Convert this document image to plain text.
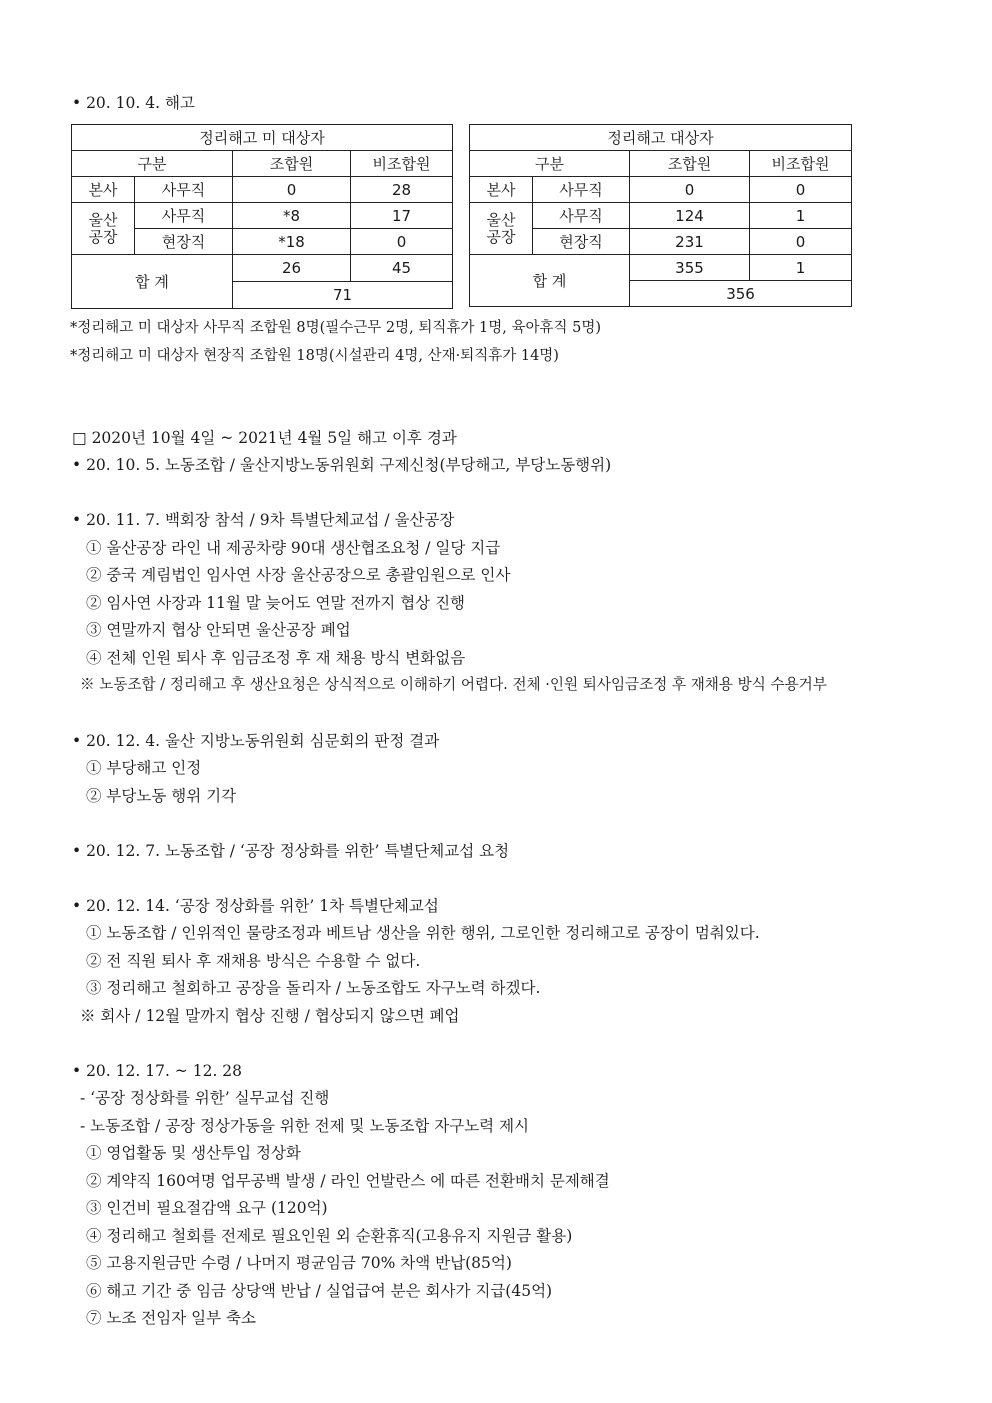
• 20. 10. 4. 해고
정리해고 미 대상자			
구분		조합원	비조합원
본사	사무직	0	28
울산
공장	사무직	*8	17
	현장직	*18	0
합 계		26	45
		71	
정리해고 대상자			
구분		조합원	비조합원
본사	사무직	0	0
울산
공장	사무직	124	1
	현장직	231	0
합 계		355	1
		356	
*정리해고 미 대상자 사무직 조합원 8명(필수근무 2명, 퇴직휴가 1명, 육아휴직 5명)
*정리해고 미 대상자 현장직 조합원 18명(시설관리 4명, 산재·퇴직휴가 14명)
□ 2020년 10월 4일 ~ 2021년 4월 5일 해고 이후 경과
• 20. 10. 5. 노동조합 / 울산지방노동위원회 구제신청(부당해고, 부당노동행위)
• 20. 11. 7. 백회장 참석 / 9차 특별단체교섭 / 울산공장
① 울산공장 라인 내 제공차량 90대 생산협조요청 / 일당 지급
② 중국 계림법인 임사연 사장 울산공장으로 총괄임원으로 인사
② 임사연 사장과 11월 말 늦어도 연말 전까지 협상 진행
③ 연말까지 협상 안되면 울산공장 폐업
④ 전체 인원 퇴사 후 임금조정 후 재 채용 방식 변화없음
※ 노동조합 / 정리해고 후 생산요청은 상식적으로 이해하기 어렵다. 전체 ·인원 퇴사임금조정 후 재채용 방식 수용거부
• 20. 12. 4. 울산 지방노동위원회 심문회의 판정 결과
① 부당해고 인정
② 부당노동 행위 기각
• 20. 12. 7. 노동조합 / ‘공장 정상화를 위한’ 특별단체교섭 요청
• 20. 12. 14. ‘공장 정상화를 위한’ 1차 특별단체교섭
① 노동조합 / 인위적인 물량조정과 베트남 생산을 위한 행위, 그로인한 정리해고로 공장이 멈춰있다.
② 전 직원 퇴사 후 재채용 방식은 수용할 수 없다.
③ 정리해고 철회하고 공장을 돌리자 / 노동조합도 자구노력 하겠다.
※ 회사 / 12월 말까지 협상 진행 / 협상되지 않으면 폐업
• 20. 12. 17. ~ 12. 28
- ‘공장 정상화를 위한’ 실무교섭 진행
- 노동조합 / 공장 정상가동을 위한 전제 및 노동조합 자구노력 제시
① 영업활동 및 생산투입 정상화
② 계약직 160여명 업무공백 발생 / 라인 언발란스 에 따른 전환배치 문제해결
③ 인건비 필요절감액 요구 (120억)
④ 정리해고 철회를 전제로 필요인원 외 순환휴직(고용유지 지원금 활용)
⑤ 고용지원금만 수령 / 나머지 평균임금 70% 차액 반납(85억)
⑥ 해고 기간 중 임금 상당액 반납 / 실업급여 분은 회사가 지급(45억)
⑦ 노조 전임자 일부 축소
